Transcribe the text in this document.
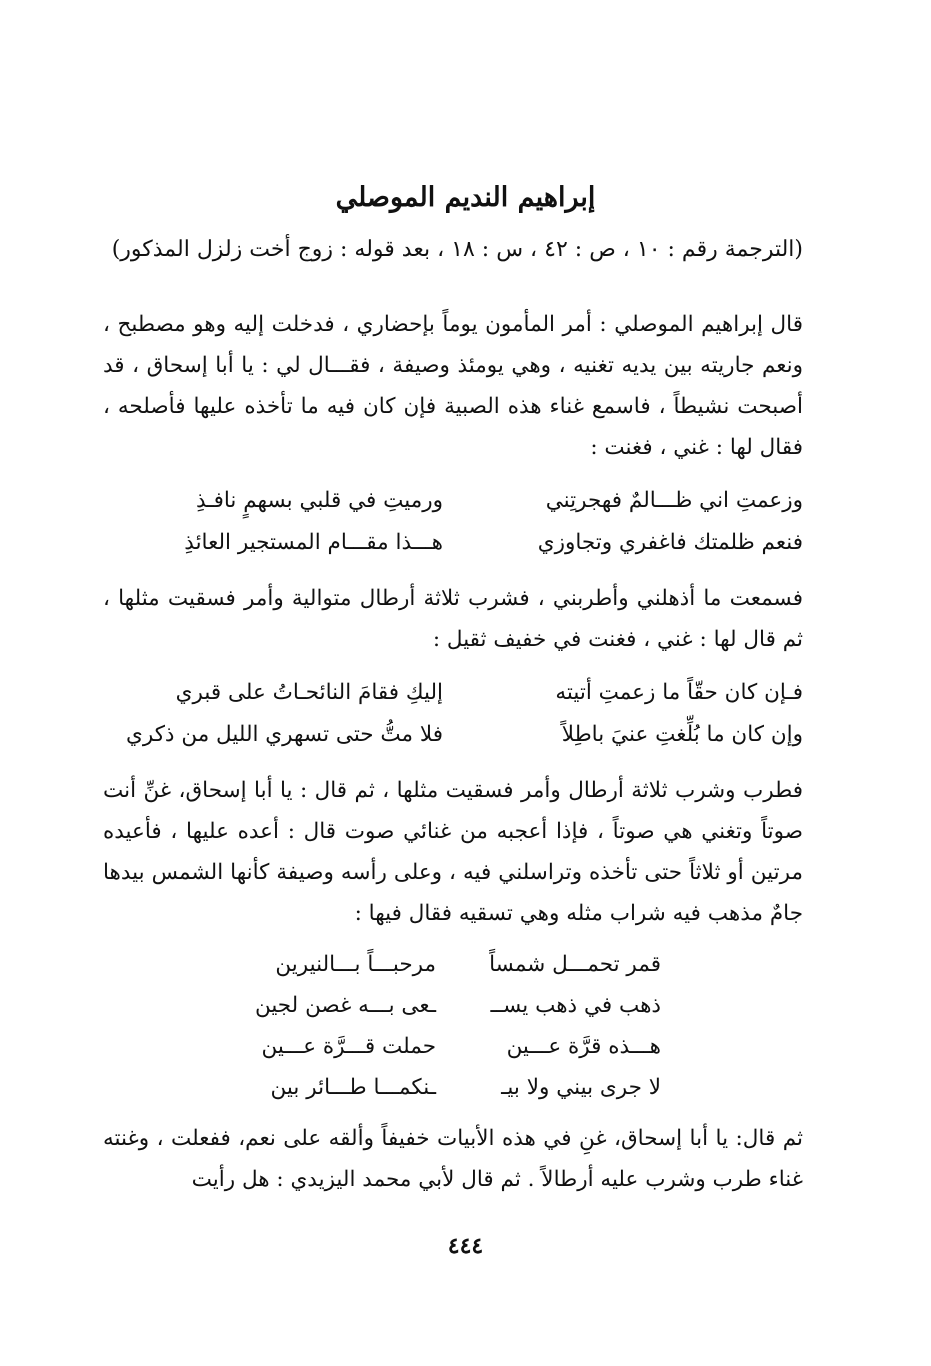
إبراهيم النديم الموصلي
(الترجمة رقم : ١٠ ، ص : ٤٢ ، س : ١٨ ، بعد قوله : زوج أخت زلزل المذكور)

قال إبراهيم الموصلي : أمر المأمون يوماً بإحضاري ، فدخلت إليه وهو مصطبح ، ونعم جاريته بين يديه تغنيه ، وهي يومئذ وصيفة ، فقـــال لي : يا أبا إسحاق ، قد أصبحت نشيطاً ، فاسمع غناء هذه الصبية فإن كان فيه ما تأخذه عليها فأصلحه ، فقال لها : غني ، فغنت :

وزعمتِ اني ظـــالمٌ فهجرتِني
ورميتِ في قلبي بسهمٍ نافـذِ
فنعم ظلمتك فاغفري وتجاوزي
هـــذا مقـــام المستجير العائذِ

فسمعت ما أذهلني وأطربني ، فشرب ثلاثة أرطال متوالية وأمر فسقيت مثلها ، ثم قال لها : غني ، فغنت في خفيف ثقيل :

فـإن كان حقّاً ما زعمتِ أتيته
إليكِ فقامَ النائحـاتُ على قبري
وإن كان ما بُلِّغتِ عنيَ باطِلاً
فلا متُّ حتى تسهري الليل من ذكري

فطرب وشرب ثلاثة أرطال وأمر فسقيت مثلها ، ثم قال : يا أبا إسحاق، غنِّ أنت صوتاً وتغني هي صوتاً ، فإذا أعجبه من غنائي صوت قال : أعده عليها ، فأعيده مرتين أو ثلاثاً حتى تأخذه وتراسلني فيه ، وعلى رأسه وصيفة كأنها الشمس بيدها جامٌ مذهب فيه شراب مثله وهي تسقيه فقال فيها :

قمر تحمـــل شمساً
مرحبـــاً بـــالنيرين
ذهب في ذهب يســ
ـعى بـــه غصن لجين
هـــذه قرَّة عـــين
حملت قـــرَّة عـــين
لا جرى بيني ولا بيـ
ـنكمـــا طـــائر بين

ثم قال: يا أبا إسحاق، غنِ في هذه الأبيات خفيفاً وألقه على نعم، ففعلت ، وغنته غناء طرب وشرب عليه أرطالاً . ثم قال لأبي محمد اليزيدي : هل رأيت

٤٤٤
